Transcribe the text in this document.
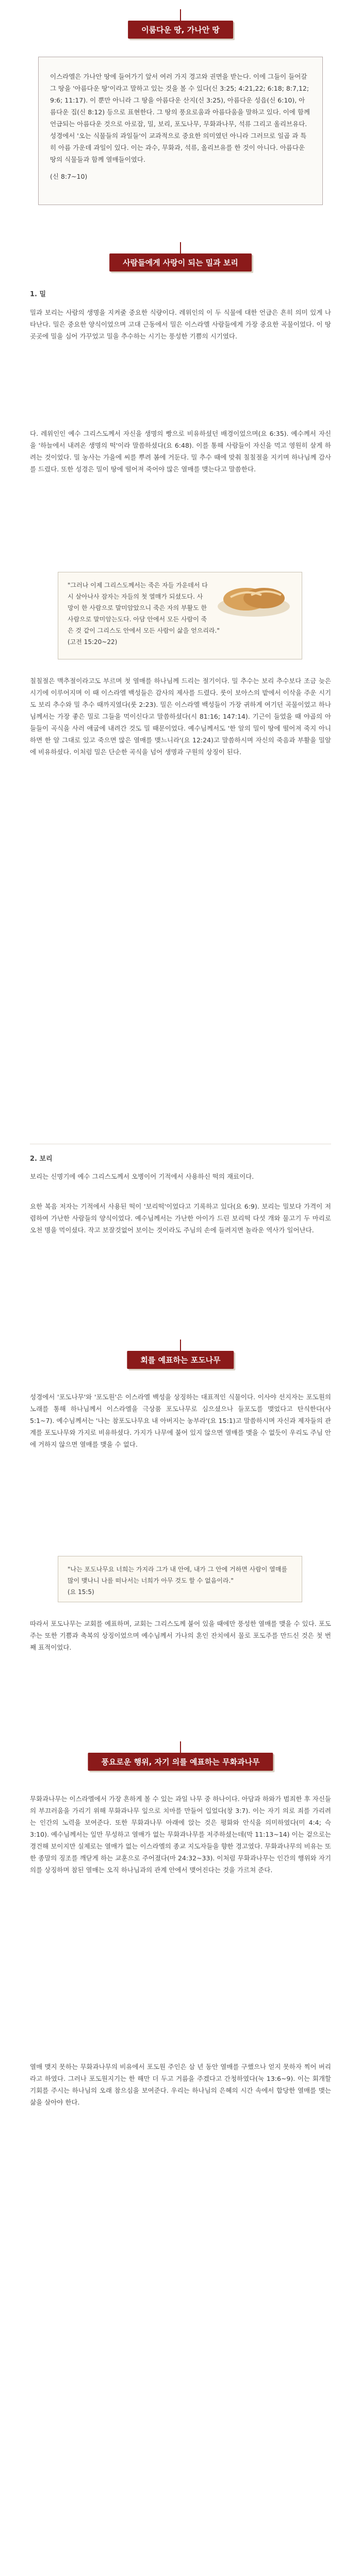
이룸다운 땅, 가나안 땅
이스라엘은 가나안 땅에 들어가기 앞서 여러 가지 경고와 권면을 받는다. 이에 그들이 들어갈 그 땅을 '아름다운 땅'이라고 말하고 있는 것을 볼 수 있다(신 3:25; 4:21,22; 6:18; 8:7,12; 9:6; 11:17). 이 뿐만 아니라 그 땅을 아름다운 산지(신 3:25), 아름다운 성읍(신 6:10), 아름다운 집(신 8:12) 등으로 표현한다. 그 땅의 풍요로움과 아름다움을 말하고 있다. 이에 함께 언급되는 아름다운 것으로 아로잡, 밀, 보리, 포도나무, 무화과나무, 석류 그리고 올리브유다. 성경에서 '오는 식물들의 과일들'이 교과적으로 중요한 의미였던 아니라 그러므로 일곱 과 특히 아름 가운데 과일이 있다. 이는 과수, 무화과, 석류, 올리브유를 한 것이 아니다. 아름다운 땅의 식물들과 함께 열매들이였다.
(신 8:7~10)
사람들에게 사랑이 되는 밀과 보리
1. 밀
밀과 보리는 사람의 생명을 지켜줄 중요한 식량이다. 레위인의 이 두 식물에 대한 언급은 흔히 의미 있게 나타난다. 밀은 중요한 양식이었으며 고대 근동에서 밀은 이스라엘 사람들에게 가장 중요한 곡물이었다. 이 땅 곳곳에 밀을 심어 가꾸었고 밀을 추수하는 시기는 풍성한 기쁨의 시기였다.
다. 레위인인 예수 그리스도께서 자신을 생명의 빵으로 비유하셨던 배경이었으며(요 6:35). 예수께서 자신을 '하늘에서 내려온 생명의 떡'이라 말씀하셨다(요 6:48). 이를 통해 사람들이 자신을 먹고 영원히 살게 하려는 것이었다. 밀 농사는 가을에 씨를 뿌려 봄에 거둔다. 밀 추수 때에 맞춰 칠칠절을 지키며 하나님께 감사를 드렸다. 또한 성경은 밀이 땅에 떨어져 죽어야 많은 열매를 맺는다고 말씀한다.
"그러나 이제 그리스도께서는 죽은 자들 가운데서 다시 살아나사 잠자는 자들의 첫 열매가 되셨도다. 사망이 한 사람으로 말미암았으니 죽은 자의 부활도 한 사람으로 말미암는도다. 아담 안에서 모든 사람이 죽은 것 같이 그리스도 안에서 모든 사람이 삶을 얻으리라."
(고전 15:20~22)
칠칠절은 맥추절이라고도 부르며 첫 열매를 하나님께 드리는 절기이다. 밀 추수는 보리 추수보다 조금 늦은 시기에 이루어지며 이 때 이스라엘 백성들은 감사의 제사를 드렸다. 룻이 보아스의 밭에서 이삭을 주운 시기도 보리 추수와 밀 추수 때까지였다(룻 2:23). 밀은 이스라엘 백성들이 가장 귀하게 여기던 곡물이었고 하나님께서는 가장 좋은 밀로 그들을 먹이신다고 말씀하셨다(시 81:16; 147:14). 기근이 들었을 때 야곱의 아들들이 곡식을 사러 애굽에 내려간 것도 밀 때문이었다. 예수님께서도 '한 알의 밀이 땅에 떨어져 죽지 아니하면 한 알 그대로 있고 죽으면 많은 열매를 맺느니라'(요 12:24)고 말씀하시며 자신의 죽음과 부활을 밀알에 비유하셨다. 이처럼 밀은 단순한 곡식을 넘어 생명과 구원의 상징이 된다.
2. 보리
보리는 신명기에 예수 그리스도께서 오병이어 기적에서 사용하신 떡의 재료이다.
요한 복음 저자는 기적에서 사용된 떡이 '보리떡'이었다고 기록하고 있다(요 6:9). 보리는 밀보다 가격이 저렴하여 가난한 사람들의 양식이었다. 예수님께서는 가난한 아이가 드린 보리떡 다섯 개와 물고기 두 마리로 오천 명을 먹이셨다. 작고 보잘것없어 보이는 것이라도 주님의 손에 들려지면 놀라운 역사가 일어난다.
회를 예표하는 포도나무
성경에서 '포도나무'와 '포도원'은 이스라엘 백성을 상징하는 대표적인 식물이다. 이사야 선지자는 포도원의 노래를 통해 하나님께서 이스라엘을 극상품 포도나무로 심으셨으나 들포도를 맺었다고 탄식한다(사 5:1~7). 예수님께서는 '나는 참포도나무요 내 아버지는 농부라'(요 15:1)고 말씀하시며 자신과 제자들의 관계를 포도나무와 가지로 비유하셨다. 가지가 나무에 붙어 있지 않으면 열매를 맺을 수 없듯이 우리도 주님 안에 거하지 않으면 열매를 맺을 수 없다.
"나는 포도나무요 너희는 가지라 그가 내 안에, 내가 그 안에 거하면 사람이 열매를 많이 맺나니 나를 떠나서는 너희가 아무 것도 할 수 없음이라."
(요 15:5)
따라서 포도나무는 교회를 예표하며, 교회는 그리스도께 붙어 있을 때에만 풍성한 열매를 맺을 수 있다. 포도주는 또한 기쁨과 축복의 상징이었으며 예수님께서 가나의 혼인 잔치에서 물로 포도주를 만드신 것은 첫 번째 표적이었다.
풍요로운 행위, 자기 의를 예표하는 무화과나무
무화과나무는 이스라엘에서 가장 흔하게 볼 수 있는 과일 나무 중 하나이다. 아담과 하와가 범죄한 후 자신들의 부끄러움을 가리기 위해 무화과나무 잎으로 치마를 만들어 입었다(창 3:7). 이는 자기 의로 죄를 가리려는 인간의 노력을 보여준다. 또한 무화과나무 아래에 앉는 것은 평화와 안식을 의미하였다(미 4:4; 슥 3:10). 예수님께서는 잎만 무성하고 열매가 없는 무화과나무를 저주하셨는데(막 11:13~14) 이는 겉으로는 경건해 보이지만 실제로는 열매가 없는 이스라엘의 종교 지도자들을 향한 경고였다. 무화과나무의 비유는 또한 종말의 징조를 깨닫게 하는 교훈으로 주어졌다(마 24:32~33). 이처럼 무화과나무는 인간의 행위와 자기 의를 상징하며 참된 열매는 오직 하나님과의 관계 안에서 맺어진다는 것을 가르쳐 준다.
열매 맺지 못하는 무화과나무의 비유에서 포도원 주인은 삼 년 동안 열매를 구했으나 얻지 못하자 찍어 버리라고 하였다. 그러나 포도원지기는 한 해만 더 두고 거름을 주겠다고 간청하였다(눅 13:6~9). 이는 회개할 기회를 주시는 하나님의 오래 참으심을 보여준다. 우리는 하나님의 은혜의 시간 속에서 합당한 열매를 맺는 삶을 살아야 한다.
